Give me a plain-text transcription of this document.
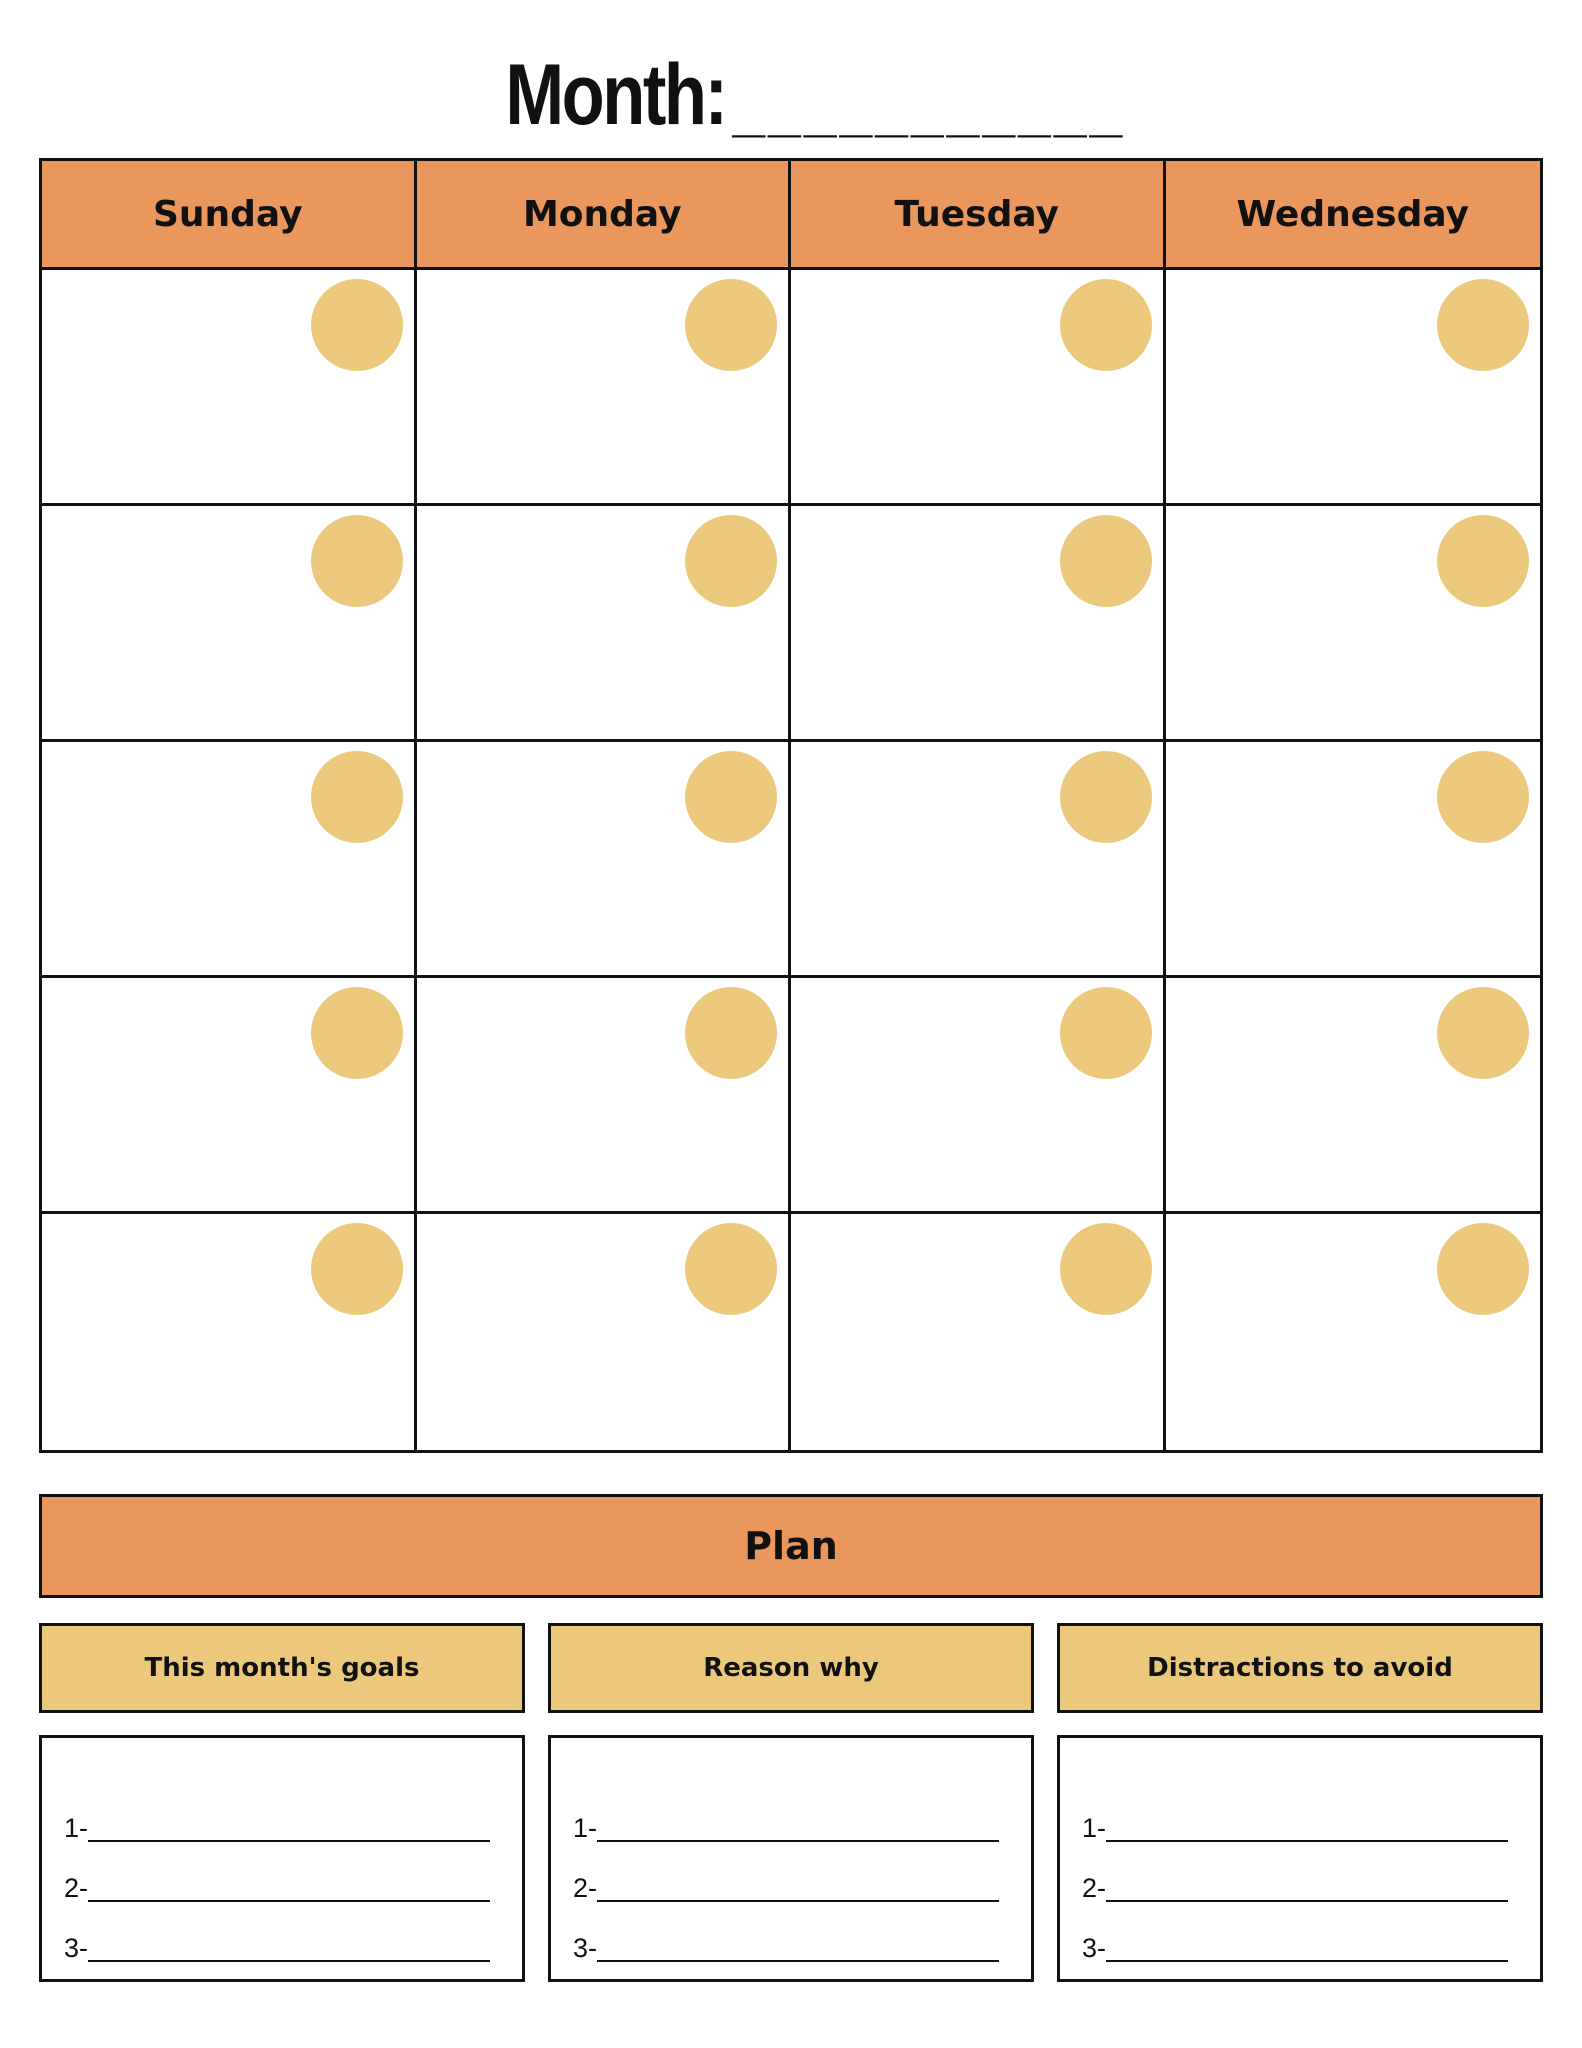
Month: ___________
Sunday	Monday	Tuesday	Wednesday
Plan
This month's goals	Reason why	Distractions to avoid
1-
2-
3-
1-
2-
3-
1-
2-
3-
